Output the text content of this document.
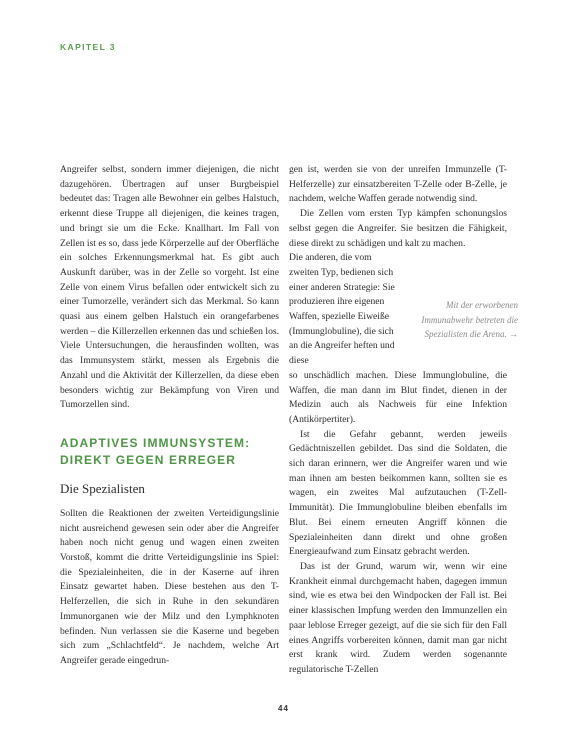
KAPITEL 3

Angreifer selbst, sondern immer diejenigen, die nicht dazugehören. Übertragen auf unser Burgbeispiel bedeutet das: Tragen alle Bewohner ein gelbes Halstuch, erkennt diese Truppe all diejenigen, die keines tragen, und bringt sie um die Ecke. Knallhart. Im Fall von Zellen ist es so, dass jede Körperzelle auf der Oberfläche ein solches Erkennungsmerkmal hat. Es gibt auch Auskunft darüber, was in der Zelle so vorgeht. Ist eine Zelle von einem Virus befallen oder entwickelt sich zu einer Tumorzelle, verändert sich das Merkmal. So kann quasi aus einem gelben Halstuch ein orangefarbenes werden – die Killerzellen erkennen das und schießen los. Viele Untersuchungen, die herausfinden wollten, was das Immunsystem stärkt, messen als Ergebnis die Anzahl und die Aktivität der Killerzellen, da diese eben besonders wichtig zur Bekämpfung von Viren und Tumorzellen sind.

ADAPTIVES IMMUNSYSTEM:
DIREKT GEGEN ERREGER

Die Spezialisten

Sollten die Reaktionen der zweiten Verteidigungslinie nicht ausreichend gewesen sein oder aber die Angreifer haben noch nicht genug und wagen einen zweiten Vorstoß, kommt die dritte Verteidigungslinie ins Spiel: die Spezialeinheiten, die in der Kaserne auf ihren Einsatz gewartet haben. Diese bestehen aus den T-Helferzellen, die sich in Ruhe in den sekundären Immunorganen wie der Milz und den Lymphknoten befinden. Nun verlassen sie die Kaserne und begeben sich zum „Schlachtfeld“. Je nachdem, welche Art Angreifer gerade eingedrun-

gen ist, werden sie von der unreifen Immunzelle (T-Helferzelle) zur einsatzbereiten T-Zelle oder B-Zelle, je nachdem, welche Waffen gerade notwendig sind.

Die Zellen vom ersten Typ kämpfen schonungslos selbst gegen die Angreifer. Sie besitzen die Fähigkeit, diese direkt zu schädigen und kalt zu machen.

Die anderen, die vom zweiten Typ, bedienen sich einer anderen Strategie: Sie produzieren ihre eigenen Waffen, spezielle Eiweiße (Immunglobuline), die sich an die Angreifer heften und diese

so unschädlich machen. Diese Immunglobuline, die Waffen, die man dann im Blut findet, dienen in der Medizin auch als Nachweis für eine Infektion (Antikörpertiter).

Ist die Gefahr gebannt, werden jeweils Gedächtniszellen gebildet. Das sind die Soldaten, die sich daran erinnern, wer die Angreifer waren und wie man ihnen am besten beikommen kann, sollten sie es wagen, ein zweites Mal aufzutauchen (T-Zell-Immunität). Die Immunglobuline bleiben ebenfalls im Blut. Bei einem erneuten Angriff können die Spezialeinheiten dann direkt und ohne großen Energieaufwand zum Einsatz gebracht werden.

Das ist der Grund, warum wir, wenn wir eine Krankheit einmal durchgemacht haben, dagegen immun sind, wie es etwa bei den Windpocken der Fall ist. Bei einer klassischen Impfung werden den Immunzellen ein paar leblose Erreger gezeigt, auf die sie sich für den Fall eines Angriffs vorbereiten können, damit man gar nicht erst krank wird. Zudem werden sogenannte regulatorische T-Zellen

Mit der erworbenen Immunabwehr betreten die Spezialisten die Arena. →
44
